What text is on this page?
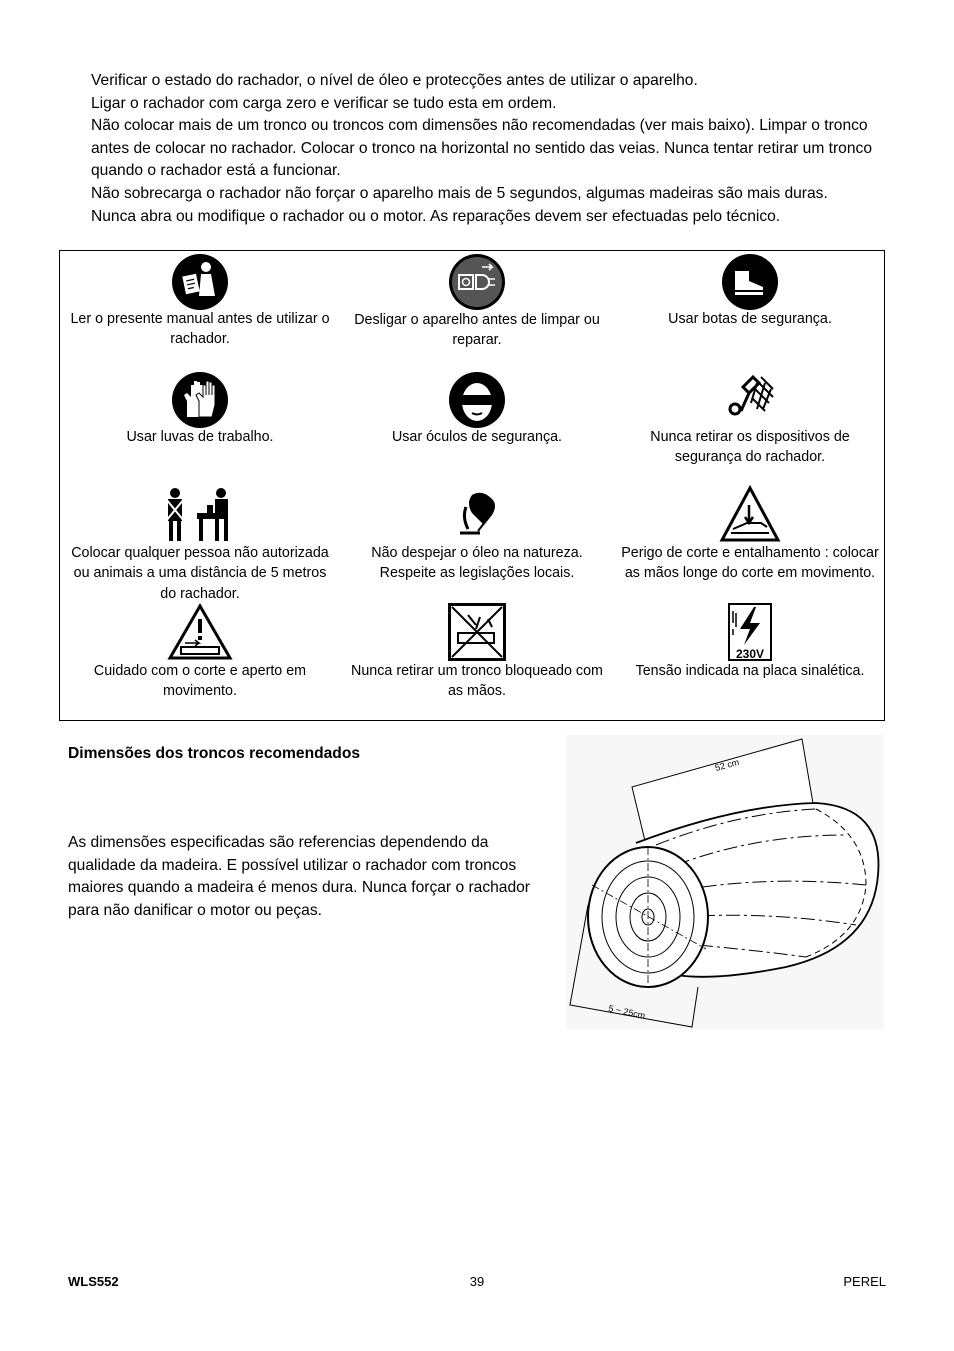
Verificar o estado do rachador, o nível de óleo e protecções antes de utilizar o aparelho.

Ligar o rachador com carga zero e verificar se tudo esta em ordem.

Não colocar mais de um tronco ou troncos com dimensões não recomendadas (ver mais baixo). Limpar o tronco antes de colocar no rachador. Colocar o tronco na horizontal no sentido das veias. Nunca tentar retirar um tronco quando o rachador está a funcionar.

Não sobrecarga o rachador não forçar o aparelho mais de 5 segundos, algumas madeiras são mais duras.

Nunca abra ou modifique o rachador ou o motor. As reparações devem ser efectuadas pelo técnico.

Ler o presente manual antes de utilizar o rachador.
Desligar o aparelho antes de limpar ou reparar.
Usar botas de segurança.
Usar luvas de trabalho.	Usar óculos de segurança.	Nunca retirar os dispositivos de segurança do rachador.
Colocar qualquer pessoa não autorizada ou animais a uma distância de 5 metros do rachador.
Não despejar o óleo na natureza. Respeite as legislações locais.
Perigo de corte e entalhamento : colocar as mãos longe do corte em movimento.
Cuidado com o corte e aperto em movimento.
Nunca retirar um tronco bloqueado com as mãos.
230V
Tensão indicada na placa sinalética.
Dimensões dos troncos recomendados

As dimensões especificadas são referencias dependendo da qualidade da madeira. E possível utilizar o rachador com troncos maiores quando a madeira é menos dura. Nunca forçar o rachador para não danificar o motor ou peças.

52 cm
5 ~ 25cm
WLS552	39	PEREL
